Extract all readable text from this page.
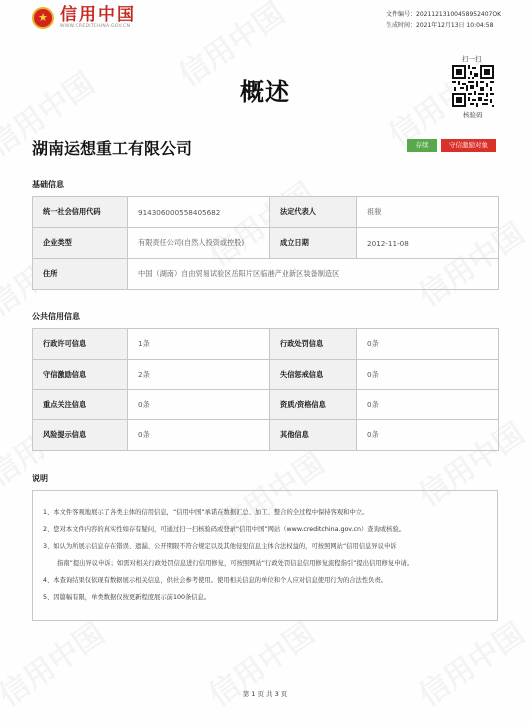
★
信用中国
WWW.CREDITCHINA.GOV.CN
文件编号：20211213100458952407OK
生成时间：2021年12月13日 10:04:58
扫一扫
核验码
概述
湖南运想重工有限公司	存续	守信激励对象
基础信息
统一社会信用代码	914306000558405682	法定代表人	祖骏
企业类型	有限责任公司(自然人投资或控股)	成立日期	2012-11-08
住所	中国（湖南）自由贸易试验区岳阳片区临港产业新区装备制造区		
公共信用信息
行政许可信息	1条	行政处罚信息	0条
守信激励信息	2条	失信惩戒信息	0条
重点关注信息	0条	资质/资格信息	0条
风险提示信息	0条	其他信息	0条
说明
1、本文件客观地展示了各类主体的信用信息，“信用中国”承诺在数据汇总、加工、整合的全过程中保持客观和中立。
2、您对本文件内容的真实性如存有疑问，可通过扫一扫核验码或登录“信用中国”网站（www.creditchina.gov.cn）查询或核验。
3、如认为所展示信息存在错误、遗漏、公开期限不符合规定以及其他侵犯信息主体合法权益的，可按照网站“信用信息异议申诉
指南”提出异议申诉；如需对相关行政处罚信息进行信用修复，可按照网站“行政处罚信息信用修复流程指引”提出信用修复申请。
4、本查询结果仅依现有数据展示相关信息，供社会参考使用。使用相关信息的单位和个人应对信息使用行为的合法性负责。
5、因篇幅有限，单类数据仅按更新程度展示前100条信息。
第 1 页 共 3 页
